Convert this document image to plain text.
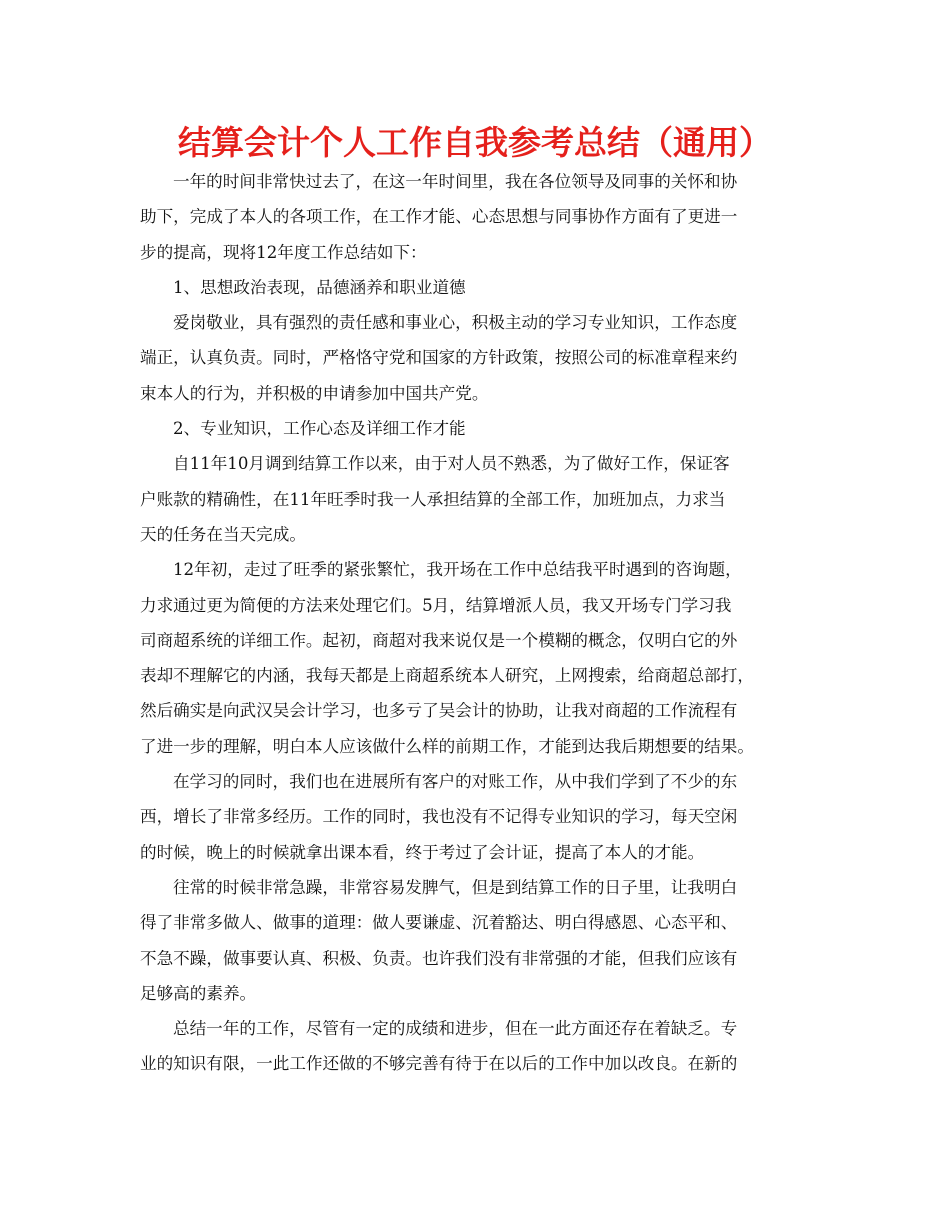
结算会计个人工作自我参考总结（通用）
一年的时间非常快过去了，在这一年时间里，我在各位领导及同事的关怀和协
助下，完成了本人的各项工作，在工作才能、心态思想与同事协作方面有了更进一
步的提高，现将12年度工作总结如下：
1、思想政治表现，品德涵养和职业道德
爱岗敬业，具有强烈的责任感和事业心，积极主动的学习专业知识，工作态度
端正，认真负责。同时，严格恪守党和国家的方针政策，按照公司的标准章程来约
束本人的行为，并积极的申请参加中国共产党。
2、专业知识，工作心态及详细工作才能
自11年10月调到结算工作以来，由于对人员不熟悉，为了做好工作，保证客
户账款的精确性，在11年旺季时我一人承担结算的全部工作，加班加点，力求当
天的任务在当天完成。
12年初，走过了旺季的紧张繁忙，我开场在工作中总结我平时遇到的咨询题，
力求通过更为简便的方法来处理它们。5月，结算增派人员，我又开场专门学习我
司商超系统的详细工作。起初，商超对我来说仅是一个模糊的概念，仅明白它的外
表却不理解它的内涵，我每天都是上商超系统本人研究，上网搜索，给商超总部打，
然后确实是向武汉吴会计学习，也多亏了吴会计的协助，让我对商超的工作流程有
了进一步的理解，明白本人应该做什么样的前期工作，才能到达我后期想要的结果。
在学习的同时，我们也在进展所有客户的对账工作，从中我们学到了不少的东
西，增长了非常多经历。工作的同时，我也没有不记得专业知识的学习，每天空闲
的时候，晚上的时候就拿出课本看，终于考过了会计证，提高了本人的才能。
往常的时候非常急躁，非常容易发脾气，但是到结算工作的日子里，让我明白
得了非常多做人、做事的道理：做人要谦虚、沉着豁达、明白得感恩、心态平和、
不急不躁，做事要认真、积极、负责。也许我们没有非常强的才能，但我们应该有
足够高的素养。
总结一年的工作，尽管有一定的成绩和进步，但在一此方面还存在着缺乏。专
业的知识有限，一此工作还做的不够完善有待于在以后的工作中加以改良。在新的
